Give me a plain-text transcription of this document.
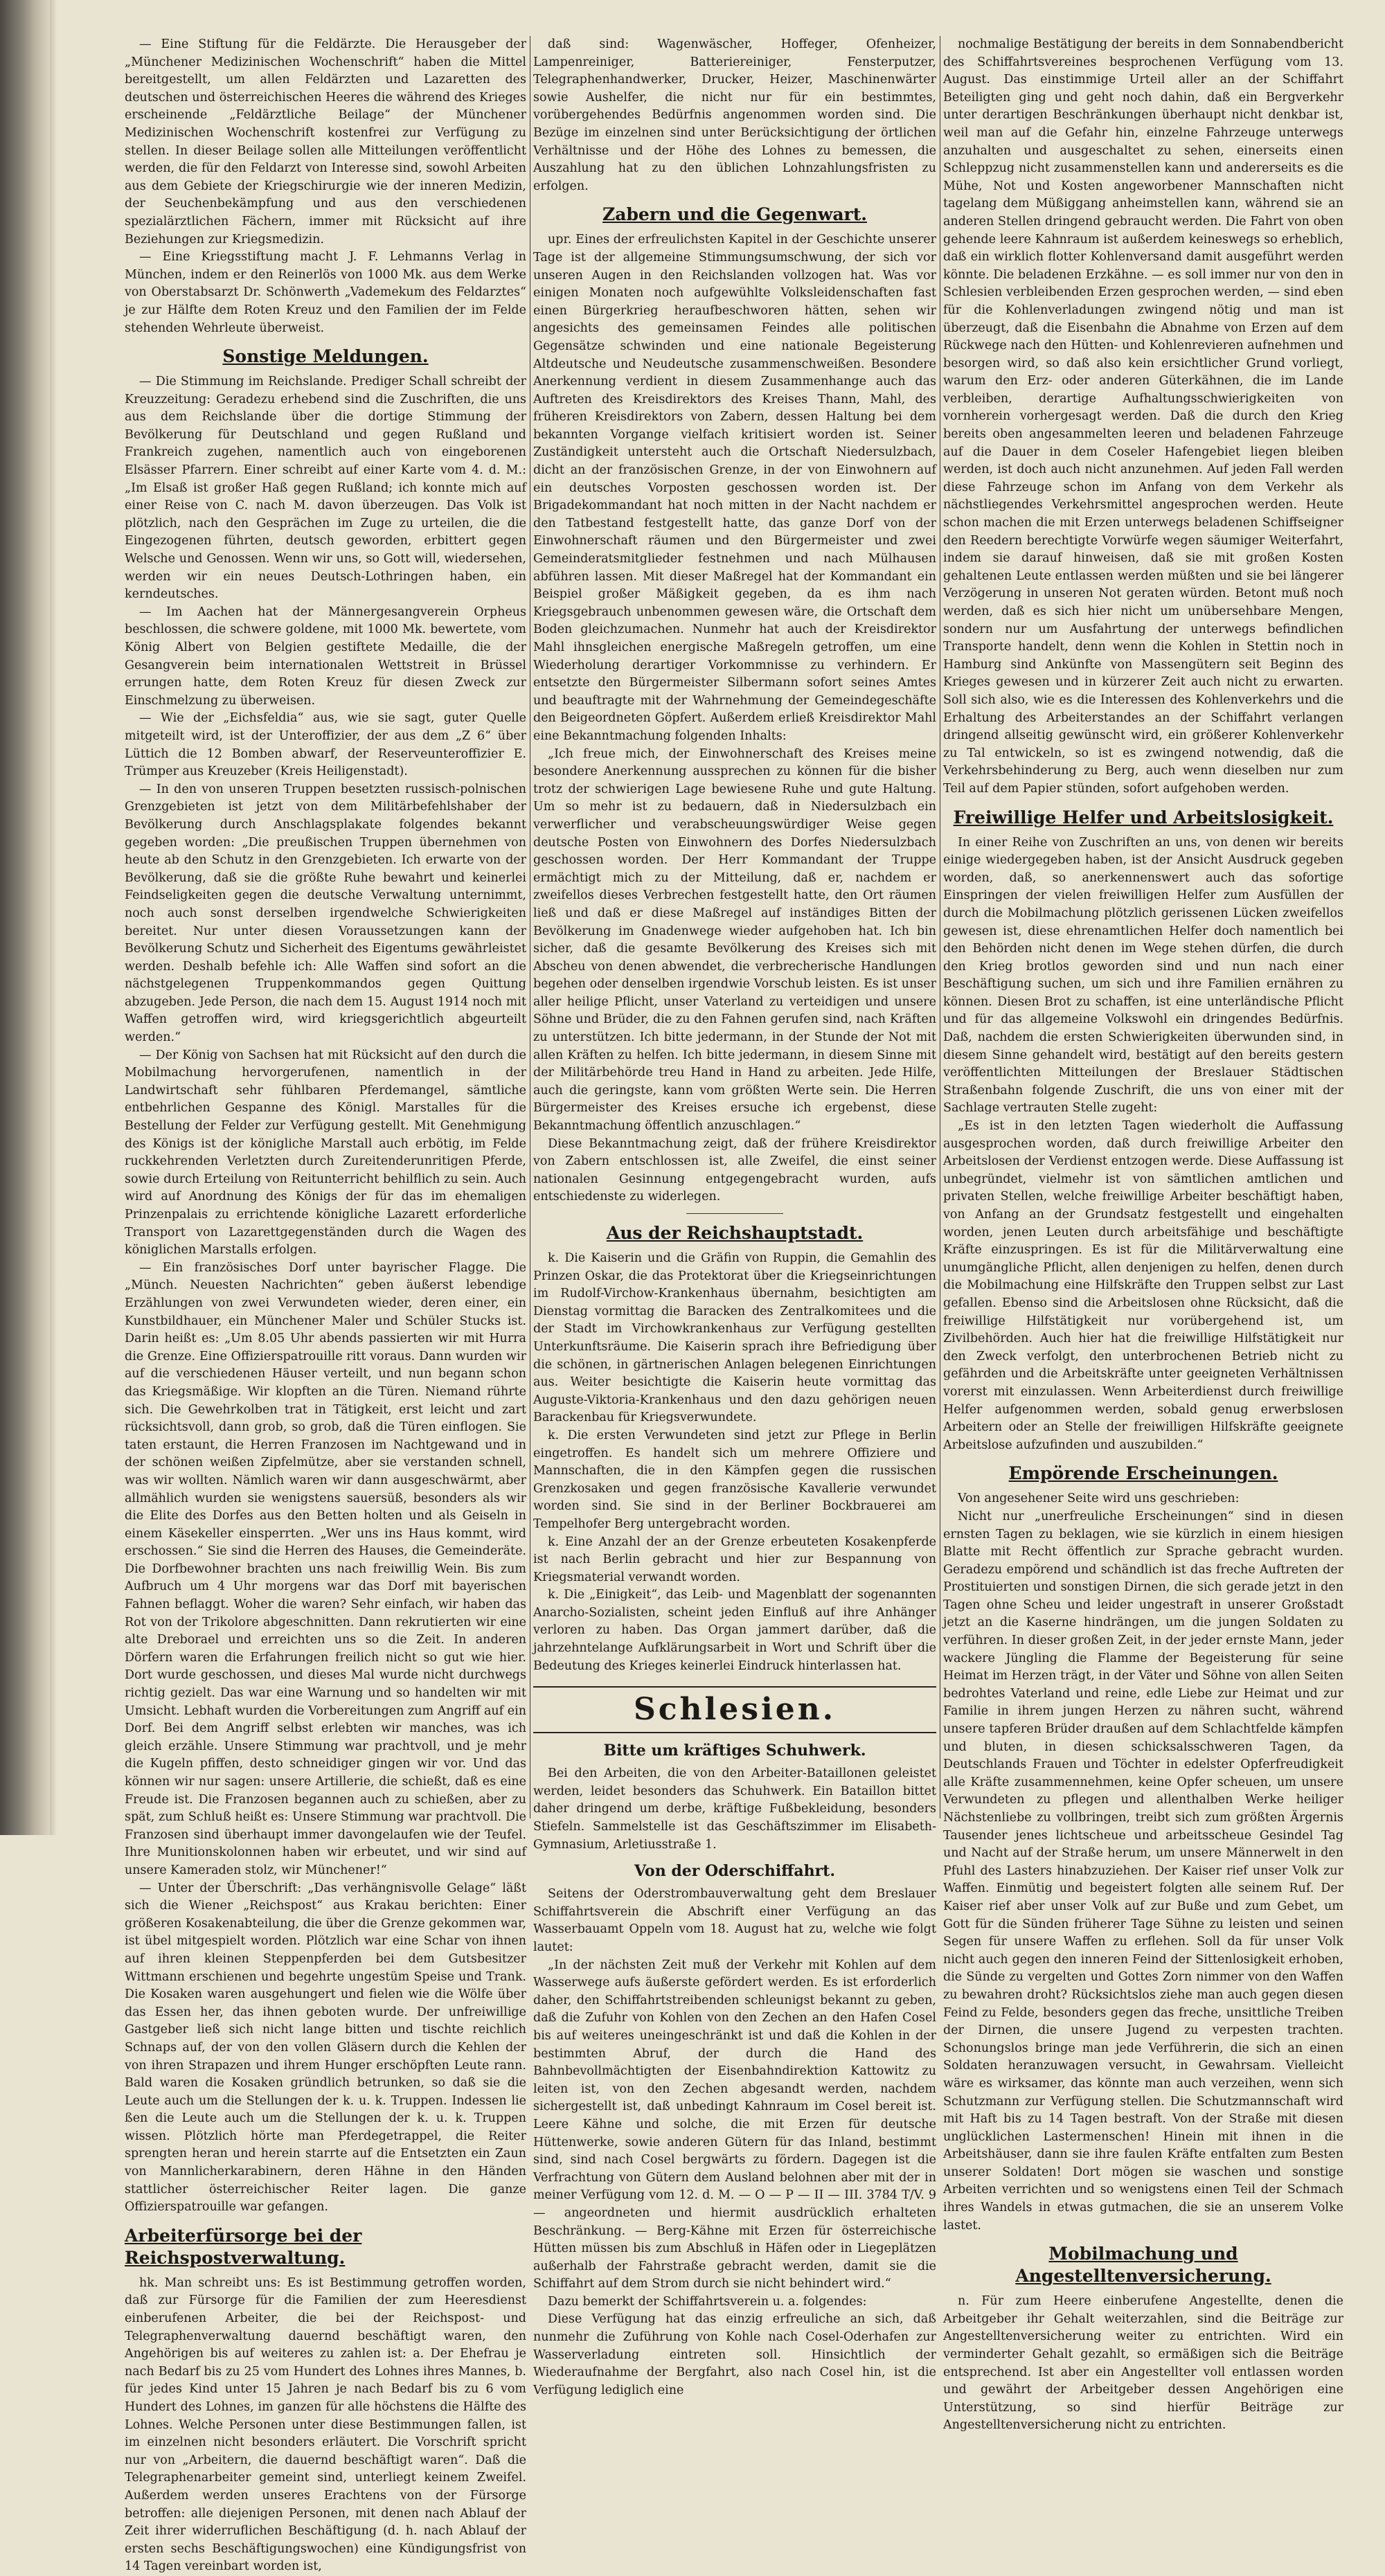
— Eine Stiftung für die Feldärzte. Die Herausgeber der „Münchener Medizinischen Wochenschrift“ haben die Mittel bereitgestellt, um allen Feldärzten und Lazaretten des deutschen und österreichischen Heeres die während des Krieges erscheinende „Feldärztliche Beilage“ der Münchener Medizinischen Wochenschrift kostenfrei zur Verfügung zu stellen. In dieser Beilage sollen alle Mitteilungen veröffentlicht werden, die für den Feldarzt von Interesse sind, sowohl Arbeiten aus dem Gebiete der Kriegschirurgie wie der inneren Medizin, der Seuchenbekämpfung und aus den verschiedenen spezialärztlichen Fächern, immer mit Rücksicht auf ihre Beziehungen zur Kriegsmedizin.

— Eine Kriegsstiftung macht J. F. Lehmanns Verlag in München, indem er den Reinerlös von 1000 Mk. aus dem Werke von Oberstabsarzt Dr. Schönwerth „Vademekum des Feldarztes“ je zur Hälfte dem Roten Kreuz und den Familien der im Felde stehenden Wehrleute überweist.

Sonstige Meldungen.

— Die Stimmung im Reichslande. Prediger Schall schreibt der Kreuzzeitung: Geradezu erhebend sind die Zuschriften, die uns aus dem Reichslande über die dortige Stimmung der Bevölkerung für Deutschland und gegen Rußland und Frankreich zugehen, namentlich auch von eingeborenen Elsässer Pfarrern. Einer schreibt auf einer Karte vom 4. d. M.: „Im Elsaß ist großer Haß gegen Rußland; ich konnte mich auf einer Reise von C. nach M. davon überzeugen. Das Volk ist plötzlich, nach den Gesprächen im Zuge zu urteilen, die die Eingezogenen führten, deutsch geworden, erbittert gegen Welsche und Genossen. Wenn wir uns, so Gott will, wiedersehen, werden wir ein neues Deutsch-Lothringen haben, ein kerndeutsches.

— Im Aachen hat der Männergesangverein Orpheus beschlossen, die schwere goldene, mit 1000 Mk. bewertete, vom König Albert von Belgien gestiftete Medaille, die der Gesangverein beim internationalen Wettstreit in Brüssel errungen hatte, dem Roten Kreuz für diesen Zweck zur Einschmelzung zu überweisen.

— Wie der „Eichsfeldia“ aus, wie sie sagt, guter Quelle mitgeteilt wird, ist der Unteroffizier, der aus dem „Z 6“ über Lüttich die 12 Bomben abwarf, der Reserveunteroffizier E. Trümper aus Kreuzeber (Kreis Heiligenstadt).

— In den von unseren Truppen besetzten russisch-polnischen Grenzgebieten ist jetzt von dem Militärbefehlshaber der Bevölkerung durch Anschlagsplakate folgendes bekannt gegeben worden: „Die preußischen Truppen übernehmen von heute ab den Schutz in den Grenzgebieten. Ich erwarte von der Bevölkerung, daß sie die größte Ruhe bewahrt und keinerlei Feindseligkeiten gegen die deutsche Verwaltung unternimmt, noch auch sonst derselben irgendwelche Schwierigkeiten bereitet. Nur unter diesen Voraussetzungen kann der Bevölkerung Schutz und Sicherheit des Eigentums gewährleistet werden. Deshalb befehle ich: Alle Waffen sind sofort an die nächstgelegenen Truppenkommandos gegen Quittung abzugeben. Jede Person, die nach dem 15. August 1914 noch mit Waffen getroffen wird, wird kriegsgerichtlich abgeurteilt werden.“

— Der König von Sachsen hat mit Rücksicht auf den durch die Mobilmachung hervorgerufenen, namentlich in der Landwirtschaft sehr fühlbaren Pferdemangel, sämtliche entbehrlichen Gespanne des Königl. Marstalles für die Bestellung der Felder zur Verfügung gestellt. Mit Genehmigung des Königs ist der königliche Marstall auch erbötig, im Felde ruckkehrenden Verletzten durch Zureitenderunritigen Pferde, sowie durch Erteilung von Reitunterricht behilflich zu sein. Auch wird auf Anordnung des Königs der für das im ehemaligen Prinzenpalais zu errichtende königliche Lazarett erforderliche Transport von Lazarettgegenständen durch die Wagen des königlichen Marstalls erfolgen.

— Ein französisches Dorf unter bayrischer Flagge. Die „Münch. Neuesten Nachrichten“ geben äußerst lebendige Erzählungen von zwei Verwundeten wieder, deren einer, ein Kunstbildhauer, ein Münchener Maler und Schüler Stucks ist. Darin heißt es: „Um 8.05 Uhr abends passierten wir mit Hurra die Grenze. Eine Offizierspatrouille ritt voraus. Dann wurden wir auf die verschiedenen Häuser verteilt, und nun begann schon das Kriegsmäßige. Wir klopften an die Türen. Niemand rührte sich. Die Gewehrkolben trat in Tätigkeit, erst leicht und zart rücksichtsvoll, dann grob, so grob, daß die Türen einflogen. Sie taten erstaunt, die Herren Franzosen im Nachtgewand und in der schönen weißen Zipfelmütze, aber sie verstanden schnell, was wir wollten. Nämlich waren wir dann ausgeschwärmt, aber allmählich wurden sie wenigstens sauersüß, besonders als wir die Elite des Dorfes aus den Betten holten und als Geiseln in einem Käsekeller einsperrten. „Wer uns ins Haus kommt, wird erschossen.“ Sie sind die Herren des Hauses, die Gemeinderäte. Die Dorfbewohner brachten uns nach freiwillig Wein. Bis zum Aufbruch um 4 Uhr morgens war das Dorf mit bayerischen Fahnen beflaggt. Woher die waren? Sehr einfach, wir haben das Rot von der Trikolore abgeschnitten. Dann rekrutierten wir eine alte Dreborael und erreichten uns so die Zeit. In anderen Dörfern waren die Erfahrungen freilich nicht so gut wie hier. Dort wurde geschossen, und dieses Mal wurde nicht durchwegs richtig gezielt. Das war eine Warnung und so handelten wir mit Umsicht. Lebhaft wurden die Vorbereitungen zum Angriff auf ein Dorf. Bei dem Angriff selbst erlebten wir manches, was ich gleich erzähle. Unsere Stimmung war prachtvoll, und je mehr die Kugeln pfiffen, desto schneidiger gingen wir vor. Und das können wir nur sagen: unsere Artillerie, die schießt, daß es eine Freude ist. Die Franzosen begannen auch zu schießen, aber zu spät, zum Schluß heißt es: Unsere Stimmung war prachtvoll. Die Franzosen sind überhaupt immer davongelaufen wie der Teufel. Ihre Munitionskolonnen haben wir erbeutet, und wir sind auf unsere Kameraden stolz, wir Münchener!“

— Unter der Überschrift: „Das verhängnisvolle Gelage“ läßt sich die Wiener „Reichspost“ aus Krakau berichten: Einer größeren Kosakenabteilung, die über die Grenze gekommen war, ist übel mitgespielt worden. Plötzlich war eine Schar von ihnen auf ihren kleinen Steppenpferden bei dem Gutsbesitzer Wittmann erschienen und begehrte ungestüm Speise und Trank. Die Kosaken waren ausgehungert und fielen wie die Wölfe über das Essen her, das ihnen geboten wurde. Der unfreiwillige Gastgeber ließ sich nicht lange bitten und tischte reichlich Schnaps auf, der von den vollen Gläsern durch die Kehlen der von ihren Strapazen und ihrem Hunger erschöpften Leute rann. Bald waren die Kosaken gründlich betrunken, so daß sie die Leute auch um die Stellungen der k. u. k. Truppen. Indessen lie ßen die Leute auch um die Stellungen der k. u. k. Truppen wissen. Plötzlich hörte man Pferdegetrappel, die Reiter sprengten heran und herein starrte auf die Entsetzten ein Zaun von Mannlicherkarabinern, deren Hähne in den Händen stattlicher österreichischer Reiter lagen. Die ganze Offizierspatrouille war gefangen.

Arbeiterfürsorge bei der Reichspostverwaltung.

hk. Man schreibt uns: Es ist Bestimmung getroffen worden, daß zur Fürsorge für die Familien der zum Heeresdienst einberufenen Arbeiter, die bei der Reichspost- und Telegraphenverwaltung dauernd beschäftigt waren, den Angehörigen bis auf weiteres zu zahlen ist: a. Der Ehefrau je nach Bedarf bis zu 25 vom Hundert des Lohnes ihres Mannes, b. für jedes Kind unter 15 Jahren je nach Bedarf bis zu 6 vom Hundert des Lohnes, im ganzen für alle höchstens die Hälfte des Lohnes. Welche Personen unter diese Bestimmungen fallen, ist im einzelnen nicht besonders erläutert. Die Vorschrift spricht nur von „Arbeitern, die dauernd beschäftigt waren“. Daß die Telegraphenarbeiter gemeint sind, unterliegt keinem Zweifel. Außerdem werden unseres Erachtens von der Fürsorge betroffen: alle diejenigen Personen, mit denen nach Ablauf der Zeit ihrer widerruflichen Beschäftigung (d. h. nach Ablauf der ersten sechs Beschäftigungswochen) eine Kündigungsfrist von 14 Tagen vereinbart worden ist,

daß sind: Wagenwäscher, Hoffeger, Ofenheizer, Lampenreiniger, Batteriereiniger, Fensterputzer, Telegraphenhandwerker, Drucker, Heizer, Maschinenwärter sowie Aushelfer, die nicht nur für ein bestimmtes, vorübergehendes Bedürfnis angenommen worden sind. Die Bezüge im einzelnen sind unter Berücksichtigung der örtlichen Verhältnisse und der Höhe des Lohnes zu bemessen, die Auszahlung hat zu den üblichen Lohnzahlungsfristen zu erfolgen.

Zabern und die Gegenwart.

upr. Eines der erfreulichsten Kapitel in der Geschichte unserer Tage ist der allgemeine Stimmungsumschwung, der sich vor unseren Augen in den Reichslanden vollzogen hat. Was vor einigen Monaten noch aufgewühlte Volksleidenschaften fast einen Bürgerkrieg heraufbeschworen hätten, sehen wir angesichts des gemeinsamen Feindes alle politischen Gegensätze schwinden und eine nationale Begeisterung Altdeutsche und Neudeutsche zusammenschweißen. Besondere Anerkennung verdient in diesem Zusammenhange auch das Auftreten des Kreisdirektors des Kreises Thann, Mahl, des früheren Kreisdirektors von Zabern, dessen Haltung bei dem bekannten Vorgange vielfach kritisiert worden ist. Seiner Zuständigkeit untersteht auch die Ortschaft Niedersulzbach, dicht an der französischen Grenze, in der von Einwohnern auf ein deutsches Vorposten geschossen worden ist. Der Brigadekommandant hat noch mitten in der Nacht nachdem er den Tatbestand festgestellt hatte, das ganze Dorf von der Einwohnerschaft räumen und den Bürgermeister und zwei Gemeinderatsmitglieder festnehmen und nach Mülhausen abführen lassen. Mit dieser Maßregel hat der Kommandant ein Beispiel großer Mäßigkeit gegeben, da es ihm nach Kriegsgebrauch unbenommen gewesen wäre, die Ortschaft dem Boden gleichzumachen. Nunmehr hat auch der Kreisdirektor Mahl ihnsgleichen energische Maßregeln getroffen, um eine Wiederholung derartiger Vorkommnisse zu verhindern. Er entsetzte den Bürgermeister Silbermann sofort seines Amtes und beauftragte mit der Wahrnehmung der Gemeindegeschäfte den Beigeordneten Göpfert. Außerdem erließ Kreisdirektor Mahl eine Bekanntmachung folgenden Inhalts:

„Ich freue mich, der Einwohnerschaft des Kreises meine besondere Anerkennung aussprechen zu können für die bisher trotz der schwierigen Lage bewiesene Ruhe und gute Haltung. Um so mehr ist zu bedauern, daß in Niedersulzbach ein verwerflicher und verabscheuungswürdiger Weise gegen deutsche Posten von Einwohnern des Dorfes Niedersulzbach geschossen worden. Der Herr Kommandant der Truppe ermächtigt mich zu der Mitteilung, daß er, nachdem er zweifellos dieses Verbrechen festgestellt hatte, den Ort räumen ließ und daß er diese Maßregel auf inständiges Bitten der Bevölkerung im Gnadenwege wieder aufgehoben hat. Ich bin sicher, daß die gesamte Bevölkerung des Kreises sich mit Abscheu von denen abwendet, die verbrecherische Handlungen begehen oder denselben irgendwie Vorschub leisten. Es ist unser aller heilige Pflicht, unser Vaterland zu verteidigen und unsere Söhne und Brüder, die zu den Fahnen gerufen sind, nach Kräften zu unterstützen. Ich bitte jedermann, in der Stunde der Not mit allen Kräften zu helfen. Ich bitte jedermann, in diesem Sinne mit der Militärbehörde treu Hand in Hand zu arbeiten. Jede Hilfe, auch die geringste, kann vom größten Werte sein. Die Herren Bürgermeister des Kreises ersuche ich ergebenst, diese Bekanntmachung öffentlich anzuschlagen.“

Diese Bekanntmachung zeigt, daß der frühere Kreisdirektor von Zabern entschlossen ist, alle Zweifel, die einst seiner nationalen Gesinnung entgegengebracht wurden, aufs entschiedenste zu widerlegen.

Aus der Reichshauptstadt.

k. Die Kaiserin und die Gräfin von Ruppin, die Gemahlin des Prinzen Oskar, die das Protektorat über die Kriegseinrichtungen im Rudolf-Virchow-Krankenhaus übernahm, besichtigten am Dienstag vormittag die Baracken des Zentralkomitees und die der Stadt im Virchowkrankenhaus zur Verfügung gestellten Unterkunftsräume. Die Kaiserin sprach ihre Befriedigung über die schönen, in gärtnerischen Anlagen belegenen Einrichtungen aus. Weiter besichtigte die Kaiserin heute vormittag das Auguste-Viktoria-Krankenhaus und den dazu gehörigen neuen Barackenbau für Kriegsverwundete.

k. Die ersten Verwundeten sind jetzt zur Pflege in Berlin eingetroffen. Es handelt sich um mehrere Offiziere und Mannschaften, die in den Kämpfen gegen die russischen Grenzkosaken und gegen französische Kavallerie verwundet worden sind. Sie sind in der Berliner Bockbrauerei am Tempelhofer Berg untergebracht worden.

k. Eine Anzahl der an der Grenze erbeuteten Kosakenpferde ist nach Berlin gebracht und hier zur Bespannung von Kriegsmaterial verwandt worden.

k. Die „Einigkeit“, das Leib- und Magenblatt der sogenannten Anarcho-Sozialisten, scheint jeden Einfluß auf ihre Anhänger verloren zu haben. Das Organ jammert darüber, daß die jahrzehntelange Aufklärungsarbeit in Wort und Schrift über die Bedeutung des Krieges keinerlei Eindruck hinterlassen hat.

Schlesien.
Bitte um kräftiges Schuhwerk.

Bei den Arbeiten, die von den Arbeiter-Bataillonen geleistet werden, leidet besonders das Schuhwerk. Ein Bataillon bittet daher dringend um derbe, kräftige Fußbekleidung, besonders Stiefeln. Sammelstelle ist das Geschäftszimmer im Elisabeth-Gymnasium, Arletiusstraße 1.

Von der Oderschiffahrt.

Seitens der Oderstrombauverwaltung geht dem Breslauer Schiffahrtsverein die Abschrift einer Verfügung an das Wasserbauamt Oppeln vom 18. August hat zu, welche wie folgt lautet:

„In der nächsten Zeit muß der Verkehr mit Kohlen auf dem Wasserwege aufs äußerste gefördert werden. Es ist erforderlich daher, den Schiffahrtstreibenden schleunigst bekannt zu geben, daß die Zufuhr von Kohlen von den Zechen an den Hafen Cosel bis auf weiteres uneingeschränkt ist und daß die Kohlen in der bestimmten Abruf, der durch die Hand des Bahnbevollmächtigten der Eisenbahndirektion Kattowitz zu leiten ist, von den Zechen abgesandt werden, nachdem sichergestellt ist, daß unbedingt Kahnraum im Cosel bereit ist. Leere Kähne und solche, die mit Erzen für deutsche Hüttenwerke, sowie anderen Gütern für das Inland, bestimmt sind, sind nach Cosel bergwärts zu fördern. Dagegen ist die Verfrachtung von Gütern dem Ausland belohnen aber mit der in meiner Verfügung vom 12. d. M. — O — P — II — III. 3784 T/V. 9 — angeordneten und hiermit ausdrücklich erhalteten Beschränkung. — Berg-Kähne mit Erzen für österreichische Hütten müssen bis zum Abschluß in Häfen oder in Liegeplätzen außerhalb der Fahrstraße gebracht werden, damit sie die Schiffahrt auf dem Strom durch sie nicht behindert wird.“

Dazu bemerkt der Schiffahrtsverein u. a. folgendes:

Diese Verfügung hat das einzig erfreuliche an sich, daß nunmehr die Zuführung von Kohle nach Cosel-Oderhafen zur Wasserverladung eintreten soll. Hinsichtlich der Wiederaufnahme der Bergfahrt, also nach Cosel hin, ist die Verfügung lediglich eine

nochmalige Bestätigung der bereits in dem Sonnabendbericht des Schiffahrtsvereines besprochenen Verfügung vom 13. August. Das einstimmige Urteil aller an der Schiffahrt Beteiligten ging und geht noch dahin, daß ein Bergverkehr unter derartigen Beschränkungen überhaupt nicht denkbar ist, weil man auf die Gefahr hin, einzelne Fahrzeuge unterwegs anzuhalten und ausgeschaltet zu sehen, einerseits einen Schleppzug nicht zusammenstellen kann und andererseits es die Mühe, Not und Kosten angeworbener Mannschaften nicht tagelang dem Müßiggang anheimstellen kann, während sie an anderen Stellen dringend gebraucht werden. Die Fahrt von oben gehende leere Kahnraum ist außerdem keineswegs so erheblich, daß ein wirklich flotter Kohlenversand damit ausgeführt werden könnte. Die beladenen Erzkähne. — es soll immer nur von den in Schlesien verbleibenden Erzen gesprochen werden, — sind eben für die Kohlenverladungen zwingend nötig und man ist überzeugt, daß die Eisenbahn die Abnahme von Erzen auf dem Rückwege nach den Hütten- und Kohlenrevieren aufnehmen und besorgen wird, so daß also kein ersichtlicher Grund vorliegt, warum den Erz- oder anderen Güterkähnen, die im Lande verbleiben, derartige Aufhaltungsschwierigkeiten von vornherein vorhergesagt werden. Daß die durch den Krieg bereits oben angesammelten leeren und beladenen Fahrzeuge auf die Dauer in dem Coseler Hafengebiet liegen bleiben werden, ist doch auch nicht anzunehmen. Auf jeden Fall werden diese Fahrzeuge schon im Anfang von dem Verkehr als nächstliegendes Verkehrsmittel angesprochen werden. Heute schon machen die mit Erzen unterwegs beladenen Schiffseigner den Reedern berechtigte Vorwürfe wegen säumiger Weiterfahrt, indem sie darauf hinweisen, daß sie mit großen Kosten gehaltenen Leute entlassen werden müßten und sie bei längerer Verzögerung in unseren Not geraten würden. Betont muß noch werden, daß es sich hier nicht um unübersehbare Mengen, sondern nur um Ausfahrtung der unterwegs befindlichen Transporte handelt, denn wenn die Kohlen in Stettin noch in Hamburg sind Ankünfte von Massengütern seit Beginn des Krieges gewesen und in kürzerer Zeit auch nicht zu erwarten. Soll sich also, wie es die Interessen des Kohlenverkehrs und die Erhaltung des Arbeiterstandes an der Schiffahrt verlangen dringend allseitig gewünscht wird, ein größerer Kohlenverkehr zu Tal entwickeln, so ist es zwingend notwendig, daß die Verkehrsbehinderung zu Berg, auch wenn dieselben nur zum Teil auf dem Papier stünden, sofort aufgehoben werden.

Freiwillige Helfer und Arbeitslosigkeit.

In einer Reihe von Zuschriften an uns, von denen wir bereits einige wiedergegeben haben, ist der Ansicht Ausdruck gegeben worden, daß, so anerkennenswert auch das sofortige Einspringen der vielen freiwilligen Helfer zum Ausfüllen der durch die Mobilmachung plötzlich gerissenen Lücken zweifellos gewesen ist, diese ehrenamtlichen Helfer doch namentlich bei den Behörden nicht denen im Wege stehen dürfen, die durch den Krieg brotlos geworden sind und nun nach einer Beschäftigung suchen, um sich und ihre Familien ernähren zu können. Diesen Brot zu schaffen, ist eine unterländische Pflicht und für das allgemeine Volkswohl ein dringendes Bedürfnis. Daß, nachdem die ersten Schwierigkeiten überwunden sind, in diesem Sinne gehandelt wird, bestätigt auf den bereits gestern veröffentlichten Mitteilungen der Breslauer Städtischen Straßenbahn folgende Zuschrift, die uns von einer mit der Sachlage vertrauten Stelle zugeht:

„Es ist in den letzten Tagen wiederholt die Auffassung ausgesprochen worden, daß durch freiwillige Arbeiter den Arbeitslosen der Verdienst entzogen werde. Diese Auffassung ist unbegründet, vielmehr ist von sämtlichen amtlichen und privaten Stellen, welche freiwillige Arbeiter beschäftigt haben, von Anfang an der Grundsatz festgestellt und eingehalten worden, jenen Leuten durch arbeitsfähige und beschäftigte Kräfte einzuspringen. Es ist für die Militärverwaltung eine unumgängliche Pflicht, allen denjenigen zu helfen, denen durch die Mobilmachung eine Hilfskräfte den Truppen selbst zur Last gefallen. Ebenso sind die Arbeitslosen ohne Rücksicht, daß die freiwillige Hilfstätigkeit nur vorübergehend ist, um Zivilbehörden. Auch hier hat die freiwillige Hilfstätigkeit nur den Zweck verfolgt, den unterbrochenen Betrieb nicht zu gefährden und die Arbeitskräfte unter geeigneten Verhältnissen vorerst mit einzulassen. Wenn Arbeiterdienst durch freiwillige Helfer aufgenommen werden, sobald genug erwerbslosen Arbeitern oder an Stelle der freiwilligen Hilfskräfte geeignete Arbeitslose aufzufinden und auszubilden.“

Empörende Erscheinungen.

Von angesehener Seite wird uns geschrieben:

Nicht nur „unerfreuliche Erscheinungen“ sind in diesen ernsten Tagen zu beklagen, wie sie kürzlich in einem hiesigen Blatte mit Recht öffentlich zur Sprache gebracht wurden. Geradezu empörend und schändlich ist das freche Auftreten der Prostituierten und sonstigen Dirnen, die sich gerade jetzt in den Tagen ohne Scheu und leider ungestraft in unserer Großstadt jetzt an die Kaserne hindrängen, um die jungen Soldaten zu verführen. In dieser großen Zeit, in der jeder ernste Mann, jeder wackere Jüngling die Flamme der Begeisterung für seine Heimat im Herzen trägt, in der Väter und Söhne von allen Seiten bedrohtes Vaterland und reine, edle Liebe zur Heimat und zur Familie in ihrem jungen Herzen zu nähren sucht, während unsere tapferen Brüder draußen auf dem Schlachtfelde kämpfen und bluten, in diesen schicksalsschweren Tagen, da Deutschlands Frauen und Töchter in edelster Opferfreudigkeit alle Kräfte zusammennehmen, keine Opfer scheuen, um unsere Verwundeten zu pflegen und allenthalben Werke heiliger Nächstenliebe zu vollbringen, treibt sich zum größten Ärgernis Tausender jenes lichtscheue und arbeitsscheue Gesindel Tag und Nacht auf der Straße herum, um unsere Männerwelt in den Pfuhl des Lasters hinabzuziehen. Der Kaiser rief unser Volk zur Waffen. Einmütig und begeistert folgten alle seinem Ruf. Der Kaiser rief aber unser Volk auf zur Buße und zum Gebet, um Gott für die Sünden früherer Tage Sühne zu leisten und seinen Segen für unsere Waffen zu erflehen. Soll da für unser Volk nicht auch gegen den inneren Feind der Sittenlosigkeit erhoben, die Sünde zu vergelten und Gottes Zorn nimmer von den Waffen zu bewahren droht? Rücksichtslos ziehe man auch gegen diesen Feind zu Felde, besonders gegen das freche, unsittliche Treiben der Dirnen, die unsere Jugend zu verpesten trachten. Schonungslos bringe man jede Verführerin, die sich an einen Soldaten heranzuwagen versucht, in Gewahrsam. Vielleicht wäre es wirksamer, das könnte man auch verzeihen, wenn sich Schutzmann zur Verfügung stellen. Die Schutzmannschaft wird mit Haft bis zu 14 Tagen bestraft. Von der Straße mit diesen unglücklichen Lastermenschen! Hinein mit ihnen in die Arbeitshäuser, dann sie ihre faulen Kräfte entfalten zum Besten unserer Soldaten! Dort mögen sie waschen und sonstige Arbeiten verrichten und so wenigstens einen Teil der Schmach ihres Wandels in etwas gutmachen, die sie an unserem Volke lastet.

Mobilmachung und Angestelltenversicherung.

n. Für zum Heere einberufene Angestellte, denen die Arbeitgeber ihr Gehalt weiterzahlen, sind die Beiträge zur Angestelltenversicherung weiter zu entrichten. Wird ein verminderter Gehalt gezahlt, so ermäßigen sich die Beiträge entsprechend. Ist aber ein Angestellter voll entlassen worden und gewährt der Arbeitgeber dessen Angehörigen eine Unterstützung, so sind hierfür Beiträge zur Angestelltenversicherung nicht zu entrichten.
